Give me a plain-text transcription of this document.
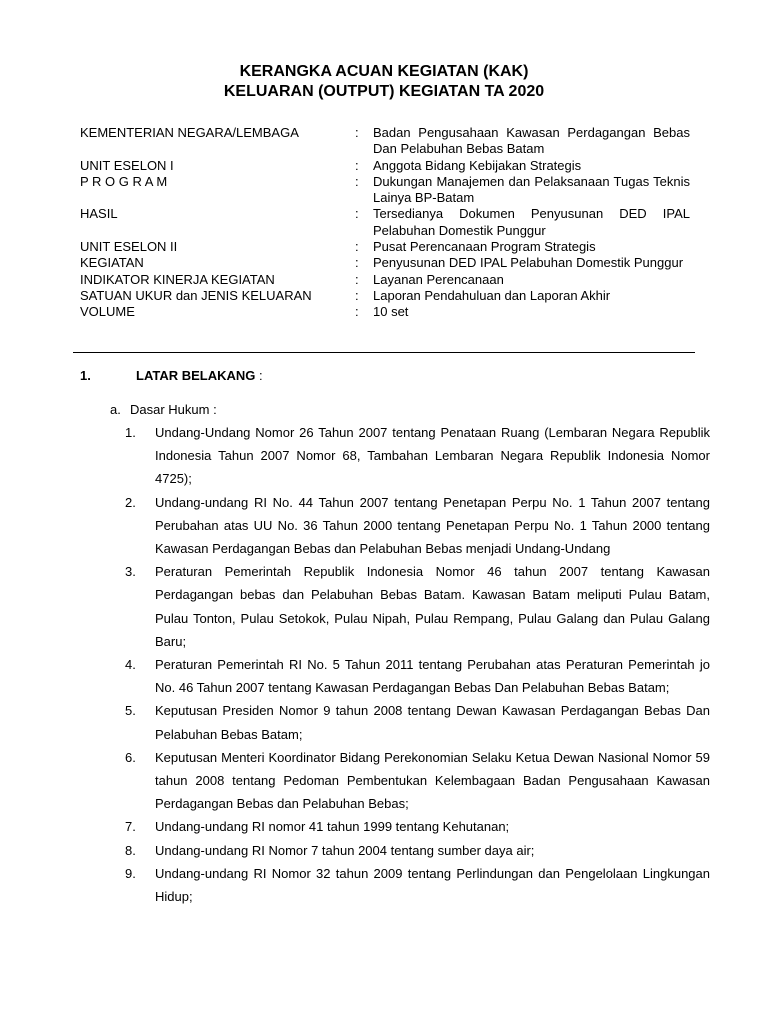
KERANGKA ACUAN KEGIATAN (KAK)
KELUARAN (OUTPUT) KEGIATAN TA 2020
KEMENTERIAN NEGARA/LEMBAGA	:	Badan Pengusahaan Kawasan Perdagangan Bebas Dan Pelabuhan Bebas Batam
UNIT ESELON I	:	Anggota Bidang Kebijakan Strategis
P R O G R A M	:	Dukungan Manajemen dan Pelaksanaan Tugas Teknis Lainya BP-Batam
HASIL	:	Tersedianya Dokumen Penyusunan DED IPAL Pelabuhan Domestik Punggur
UNIT ESELON II	:	Pusat Perencanaan Program Strategis
KEGIATAN	:	Penyusunan DED IPAL Pelabuhan Domestik Punggur
INDIKATOR KINERJA KEGIATAN	:	Layanan Perencanaan
SATUAN UKUR dan JENIS KELUARAN	:	Laporan Pendahuluan dan Laporan Akhir
VOLUME	:	10 set
1.	LATAR BELAKANG :
a. Dasar Hukum :
1.	Undang-Undang Nomor 26 Tahun 2007 tentang Penataan Ruang (Lembaran Negara Republik Indonesia Tahun 2007 Nomor 68, Tambahan Lembaran Negara Republik Indonesia Nomor 4725);
2.	Undang-undang RI No. 44 Tahun 2007 tentang Penetapan Perpu No. 1 Tahun 2007 tentang Perubahan atas UU No. 36 Tahun 2000 tentang Penetapan Perpu No. 1 Tahun 2000 tentang Kawasan Perdagangan Bebas dan Pelabuhan Bebas menjadi Undang-Undang
3.	Peraturan Pemerintah Republik Indonesia Nomor 46 tahun 2007 tentang Kawasan Perdagangan bebas dan Pelabuhan Bebas Batam. Kawasan Batam meliputi Pulau Batam, Pulau Tonton, Pulau Setokok, Pulau Nipah, Pulau Rempang, Pulau Galang dan Pulau Galang Baru;
4.	Peraturan Pemerintah RI No. 5 Tahun 2011 tentang Perubahan atas Peraturan Pemerintah jo No. 46 Tahun 2007 tentang Kawasan Perdagangan Bebas Dan Pelabuhan Bebas Batam;
5.	Keputusan Presiden Nomor 9 tahun 2008 tentang Dewan Kawasan Perdagangan Bebas Dan Pelabuhan Bebas Batam;
6.	Keputusan Menteri Koordinator Bidang Perekonomian Selaku Ketua Dewan Nasional Nomor 59 tahun 2008 tentang Pedoman Pembentukan Kelembagaan Badan Pengusahaan Kawasan Perdagangan Bebas dan Pelabuhan Bebas;
7.	Undang-undang RI nomor 41 tahun 1999 tentang Kehutanan;
8.	Undang-undang RI Nomor 7 tahun 2004 tentang sumber daya air;
9.	Undang-undang RI Nomor 32 tahun 2009 tentang Perlindungan dan Pengelolaan Lingkungan Hidup;
